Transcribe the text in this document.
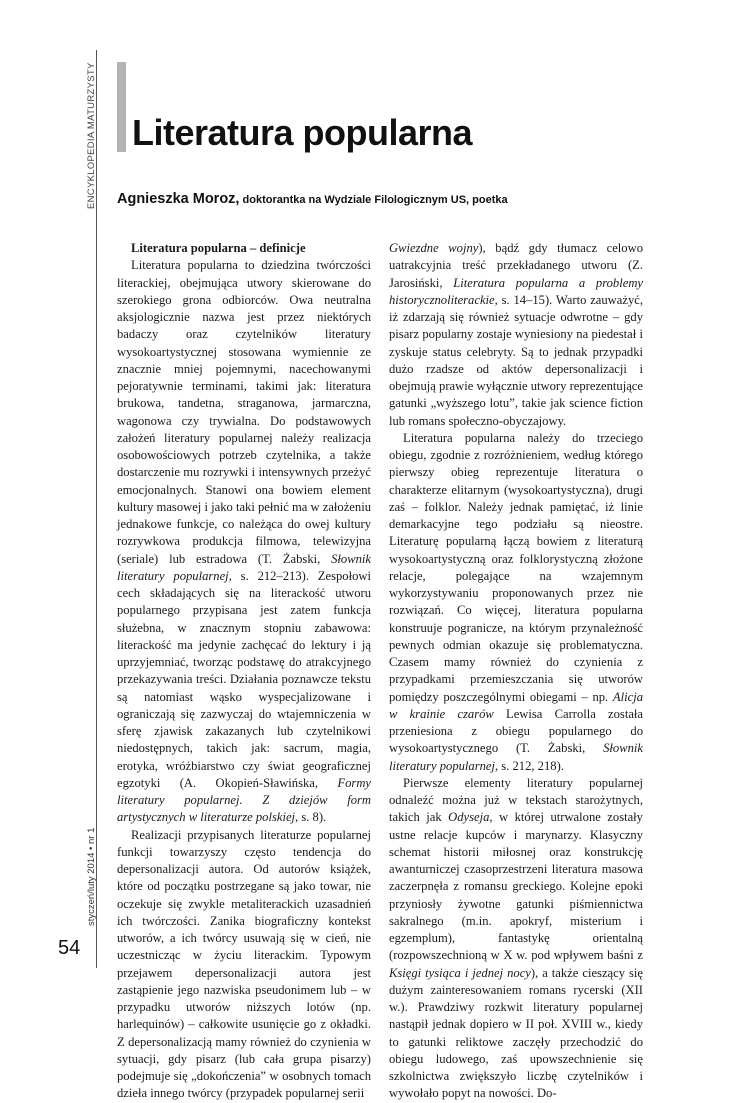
ENCYKLOPEDIA MATURZYSTY
styczeń/luty 2014 • nr 1
54
Literatura popularna
Agnieszka Moroz, doktorantka na Wydziale Filologicznym US, poetka
Literatura popularna – definicje

Literatura popularna to dziedzina twórczości literackiej, obejmująca utwory skierowane do szerokiego grona odbiorców. Owa neutralna aksjologicznie nazwa jest przez niektórych badaczy oraz czytelników literatury wysokoartystycznej stosowana wymiennie ze znacznie mniej pojemnymi, nacechowanymi pejoratywnie terminami, takimi jak: literatura brukowa, tandetna, straganowa, jarmarczna, wagonowa czy trywialna. Do podstawowych założeń literatury popularnej należy realizacja osobowościowych potrzeb czytelnika, a także dostarczenie mu rozrywki i intensywnych przeżyć emocjonalnych. Stanowi ona bowiem element kultury masowej i jako taki pełnić ma w założeniu jednakowe funkcje, co należąca do owej kultury rozrywkowa produkcja filmowa, telewizyjna (seriale) lub estradowa (T. Żabski, Słownik literatury popularnej, s. 212–213). Zespołowi cech składających się na literackość utworu popularnego przypisana jest zatem funkcja służebna, w znacznym stopniu zabawowa: literackość ma jedynie zachęcać do lektury i ją uprzyjemniać, tworząc podstawę do atrakcyjnego przekazywania treści. Działania poznawcze tekstu są natomiast wąsko wyspecjalizowane i ograniczają się zazwyczaj do wtajemniczenia w sferę zjawisk zakazanych lub czytelnikowi niedostępnych, takich jak: sacrum, magia, erotyka, wróżbiarstwo czy świat geograficznej egzotyki (A. Okopień-Sławińska, Formy literatury popularnej. Z dziejów form artystycznych w literaturze polskiej, s. 8).

Realizacji przypisanych literaturze popularnej funkcji towarzyszy często tendencja do depersonalizacji autora. Od autorów książek, które od początku postrzegane są jako towar, nie oczekuje się zwykle metaliterackich uzasadnień ich twórczości. Zanika biograficzny kontekst utworów, a ich twórcy usuwają się w cień, nie uczestnicząc w życiu literackim. Typowym przejawem depersonalizacji autora jest zastąpienie jego nazwiska pseudonimem lub – w przypadku utworów niższych lotów (np. harlequinów) – całkowite usunięcie go z okładki. Z depersonalizacją mamy również do czynienia w sytuacji, gdy pisarz (lub cała grupa pisarzy) podejmuje się „dokończenia” w osobnych tomach dzieła innego twórcy (przypadek popularnej serii

Gwiezdne wojny), bądź gdy tłumacz celowo uatrakcyjnia treść przekładanego utworu (Z. Jarosiński, Literatura popularna a problemy historycznoliterackie, s. 14–15). Warto zauważyć, iż zdarzają się również sytuacje odwrotne – gdy pisarz popularny zostaje wyniesiony na piedestał i zyskuje status celebryty. Są to jednak przypadki dużo rzadsze od aktów depersonalizacji i obejmują prawie wyłącznie utwory reprezentujące gatunki „wyższego lotu”, takie jak science fiction lub romans społeczno-obyczajowy.

Literatura popularna należy do trzeciego obiegu, zgodnie z rozróżnieniem, według którego pierwszy obieg reprezentuje literatura o charakterze elitarnym (wysokoartystyczna), drugi zaś – folklor. Należy jednak pamiętać, iż linie demarkacyjne tego podziału są nieostre. Literaturę popularną łączą bowiem z literaturą wysokoartystyczną oraz folklorystyczną złożone relacje, polegające na wzajemnym wykorzystywaniu proponowanych przez nie rozwiązań. Co więcej, literatura popularna konstruuje pogranicze, na którym przynależność pewnych odmian okazuje się problematyczna. Czasem mamy również do czynienia z przypadkami przemieszczania się utworów pomiędzy poszczególnymi obiegami – np. Alicja w krainie czarów Lewisa Carrolla została przeniesiona z obiegu popularnego do wysokoartystycznego (T. Żabski, Słownik literatury popularnej, s. 212, 218).

Pierwsze elementy literatury popularnej odnaleźć można już w tekstach starożytnych, takich jak Odyseja, w której utrwalone zostały ustne relacje kupców i marynarzy. Klasyczny schemat historii miłosnej oraz konstrukcję awanturniczej czasoprzestrzeni literatura masowa zaczerpnęła z romansu greckiego. Kolejne epoki przyniosły żywotne gatunki piśmiennictwa sakralnego (m.in. apokryf, misterium i egzemplum), fantastykę orientalną (rozpowszechnioną w X w. pod wpływem baśni z Księgi tysiąca i jednej nocy), a także cieszący się dużym zainteresowaniem romans rycerski (XII w.). Prawdziwy rozkwit literatury popularnej nastąpił jednak dopiero w II poł. XVIII w., kiedy to gatunki reliktowe zaczęły przechodzić do obiegu ludowego, zaś upowszechnienie się szkolnictwa zwiększyło liczbę czytelników i wywołało popyt na nowości. Do-
